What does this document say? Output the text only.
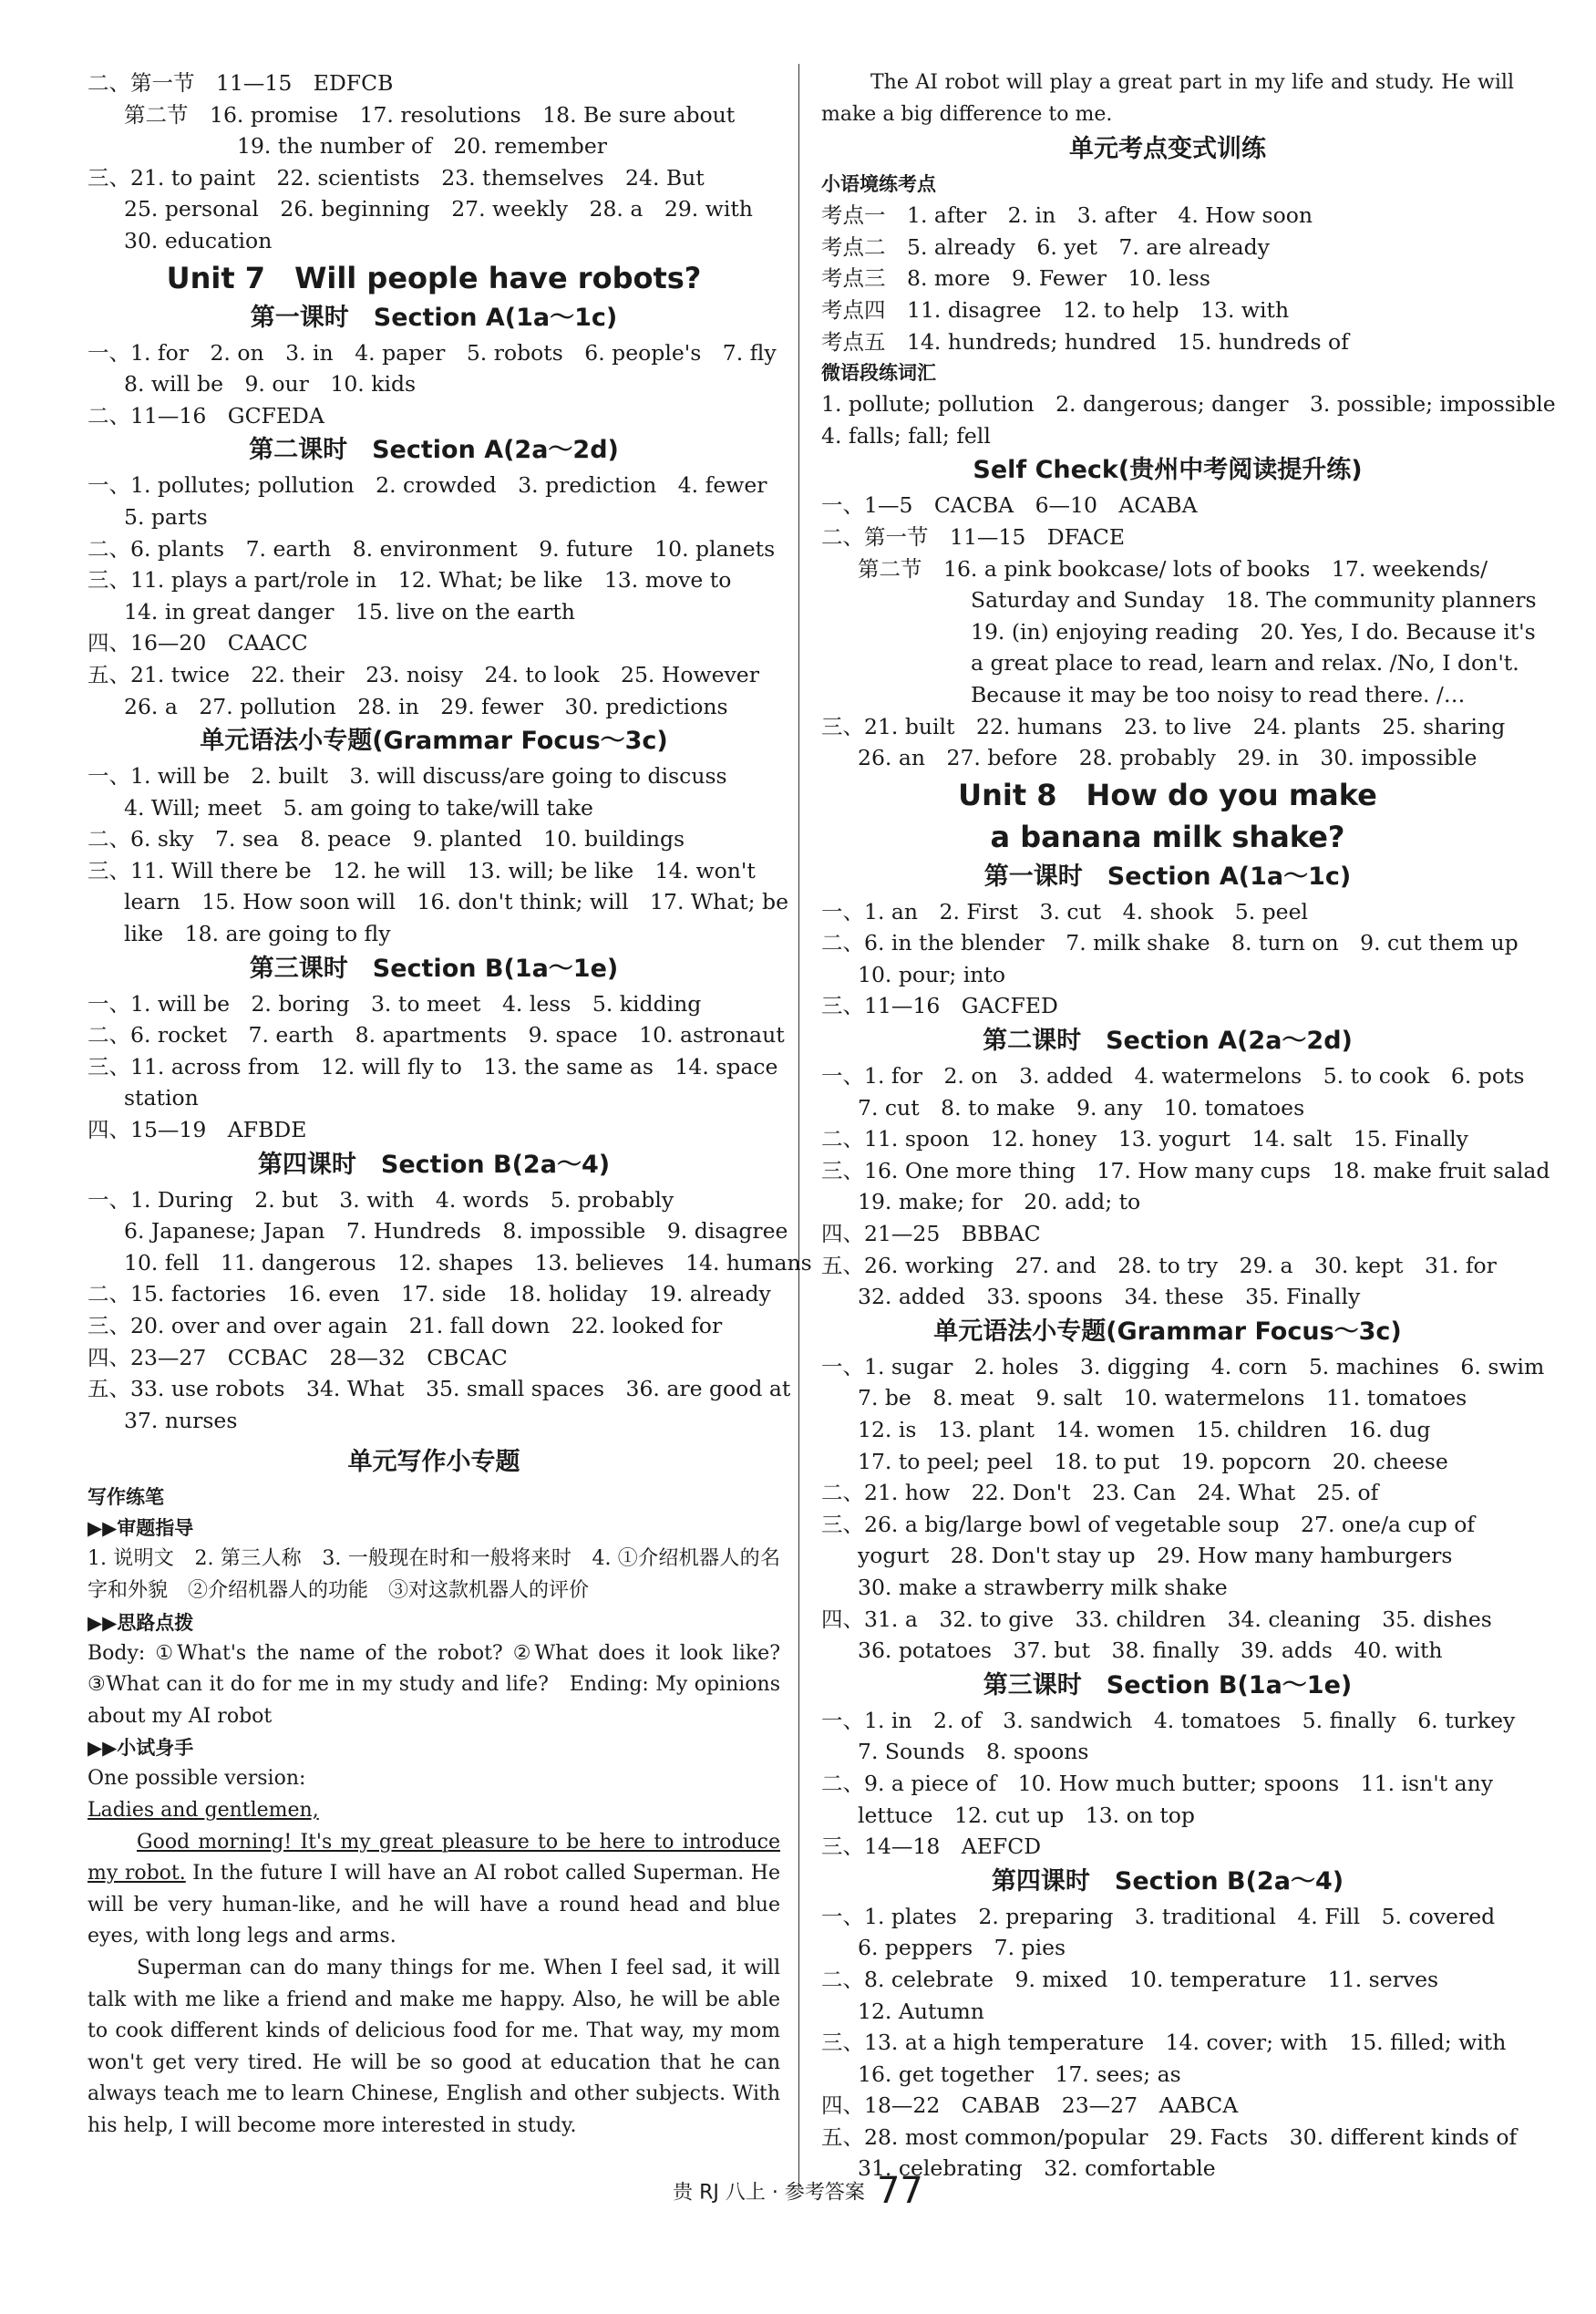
二、第一节　11—15　EDFCB
第二节　16. promise　17. resolutions　18. Be sure about
19. the number of　20. remember
三、21. to paint　22. scientists　23. themselves　24. But
25. personal　26. beginning　27. weekly　28. a　29. with
30. education
Unit 7　Will people have robots?
第一课时　Section A(1a～1c)
一、1. for　2. on　3. in　4. paper　5. robots　6. people's　7. fly
8. will be　9. our　10. kids
二、11—16　GCFEDA
第二课时　Section A(2a～2d)
一、1. pollutes; pollution　2. crowded　3. prediction　4. fewer
5. parts
二、6. plants　7. earth　8. environment　9. future　10. planets
三、11. plays a part/role in　12. What; be like　13. move to
14. in great danger　15. live on the earth
四、16—20　CAACC
五、21. twice　22. their　23. noisy　24. to look　25. However
26. a　27. pollution　28. in　29. fewer　30. predictions
单元语法小专题(Grammar Focus～3c)
一、1. will be　2. built　3. will discuss/are going to discuss
4. Will; meet　5. am going to take/will take
二、6. sky　7. sea　8. peace　9. planted　10. buildings
三、11. Will there be　12. he will　13. will; be like　14. won't
learn　15. How soon will　16. don't think; will　17. What; be
like　18. are going to fly
第三课时　Section B(1a～1e)
一、1. will be　2. boring　3. to meet　4. less　5. kidding
二、6. rocket　7. earth　8. apartments　9. space　10. astronaut
三、11. across from　12. will fly to　13. the same as　14. space
station
四、15—19　AFBDE
第四课时　Section B(2a～4)
一、1. During　2. but　3. with　4. words　5. probably
6. Japanese; Japan　7. Hundreds　8. impossible　9. disagree
10. fell　11. dangerous　12. shapes　13. believes　14. humans
二、15. factories　16. even　17. side　18. holiday　19. already
三、20. over and over again　21. fall down　22. looked for
四、23—27　CCBAC　28—32　CBCAC
五、33. use robots　34. What　35. small spaces　36. are good at
37. nurses
单元写作小专题
写作练笔
▶▶审题指导
1. 说明文　2. 第三人称　3. 一般现在时和一般将来时　4. ①介绍机器人的名字和外貌　②介绍机器人的功能　③对这款机器人的评价
▶▶思路点拨
Body: ①What's the name of the robot? ②What does it look like? ③What can it do for me in my study and life?　Ending: My opinions about my AI robot
▶▶小试身手
One possible version:
Ladies and gentlemen,
Good morning! It's my great pleasure to be here to introduce my robot. In the future I will have an AI robot called Superman. He will be very human-like, and he will have a round head and blue eyes, with long legs and arms.
Superman can do many things for me. When I feel sad, it will talk with me like a friend and make me happy. Also, he will be able to cook different kinds of delicious food for me. That way, my mom won't get very tired. He will be so good at education that he can always teach me to learn Chinese, English and other subjects. With his help, I will become more interested in study.
The AI robot will play a great part in my life and study. He will make a big difference to me.
单元考点变式训练
小语境练考点
考点一　1. after　2. in　3. after　4. How soon
考点二　5. already　6. yet　7. are already
考点三　8. more　9. Fewer　10. less
考点四　11. disagree　12. to help　13. with
考点五　14. hundreds; hundred　15. hundreds of
微语段练词汇
1. pollute; pollution　2. dangerous; danger　3. possible; impossible
4. falls; fall; fell
Self Check(贵州中考阅读提升练)
一、1—5　CACBA　6—10　ACABA
二、第一节　11—15　DFACE
第二节　16. a pink bookcase/ lots of books　17. weekends/
Saturday and Sunday　18. The community planners
19. (in) enjoying reading　20. Yes, I do. Because it's
a great place to read, learn and relax. /No, I don't.
Because it may be too noisy to read there. /…
三、21. built　22. humans　23. to live　24. plants　25. sharing
26. an　27. before　28. probably　29. in　30. impossible
Unit 8　How do you make
a banana milk shake?
第一课时　Section A(1a～1c)
一、1. an　2. First　3. cut　4. shook　5. peel
二、6. in the blender　7. milk shake　8. turn on　9. cut them up
10. pour; into
三、11—16　GACFED
第二课时　Section A(2a～2d)
一、1. for　2. on　3. added　4. watermelons　5. to cook　6. pots
7. cut　8. to make　9. any　10. tomatoes
二、11. spoon　12. honey　13. yogurt　14. salt　15. Finally
三、16. One more thing　17. How many cups　18. make fruit salad
19. make; for　20. add; to
四、21—25　BBBAC
五、26. working　27. and　28. to try　29. a　30. kept　31. for
32. added　33. spoons　34. these　35. Finally
单元语法小专题(Grammar Focus～3c)
一、1. sugar　2. holes　3. digging　4. corn　5. machines　6. swim
7. be　8. meat　9. salt　10. watermelons　11. tomatoes
12. is　13. plant　14. women　15. children　16. dug
17. to peel; peel　18. to put　19. popcorn　20. cheese
二、21. how　22. Don't　23. Can　24. What　25. of
三、26. a big/large bowl of vegetable soup　27. one/a cup of
yogurt　28. Don't stay up　29. How many hamburgers
30. make a strawberry milk shake
四、31. a　32. to give　33. children　34. cleaning　35. dishes
36. potatoes　37. but　38. finally　39. adds　40. with
第三课时　Section B(1a～1e)
一、1. in　2. of　3. sandwich　4. tomatoes　5. finally　6. turkey
7. Sounds　8. spoons
二、9. a piece of　10. How much butter; spoons　11. isn't any
lettuce　12. cut up　13. on top
三、14—18　AEFCD
第四课时　Section B(2a～4)
一、1. plates　2. preparing　3. traditional　4. Fill　5. covered
6. peppers　7. pies
二、8. celebrate　9. mixed　10. temperature　11. serves
12. Autumn
三、13. at a high temperature　14. cover; with　15. filled; with
16. get together　17. sees; as
四、18—22　CABAB　23—27　AABCA
五、28. most common/popular　29. Facts　30. different kinds of
31. celebrating　32. comfortable
贵 RJ 八上 · 参考答案 77
